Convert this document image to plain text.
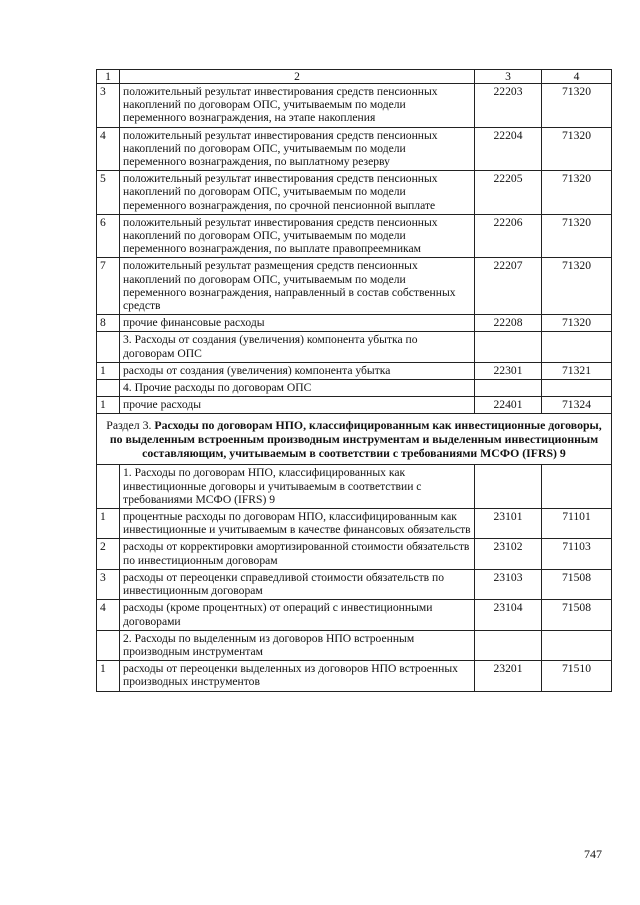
1	2	3	4
3	положительный результат инвестирования средств пенсионных накоплений по договорам ОПС, учитываемым по модели переменного вознаграждения, на этапе накопления	22203	71320
4	положительный результат инвестирования средств пенсионных накоплений по договорам ОПС, учитываемым по модели переменного вознаграждения, по выплатному резерву	22204	71320
5	положительный результат инвестирования средств пенсионных накоплений по договорам ОПС, учитываемым по модели переменного вознаграждения, по срочной пенсионной выплате	22205	71320
6	положительный результат инвестирования средств пенсионных накоплений по договорам ОПС, учитываемым по модели переменного вознаграждения, по выплате правопреемникам	22206	71320
7	положительный результат размещения средств пенсионных накоплений по договорам ОПС, учитываемым по модели переменного вознаграждения, направленный в состав собственных средств	22207	71320
8	прочие финансовые расходы	22208	71320
	3. Расходы от создания (увеличения) компонента убытка по договорам ОПС		
1	расходы от создания (увеличения) компонента убытка	22301	71321
	4. Прочие расходы по договорам ОПС		
1	прочие расходы	22401	71324
Раздел 3. Расходы по договорам НПО, классифицированным как инвестиционные договоры, по выделенным встроенным производным инструментам и выделенным инвестиционным составляющим, учитываемым в соответствии с требованиями МСФО (IFRS) 9			
	1. Расходы по договорам НПО, классифицированных как инвестиционные договоры и учитываемым в соответствии с требованиями МСФО (IFRS) 9		
1	процентные расходы по договорам НПО, классифицированным как инвестиционные и учитываемым в качестве финансовых обязательств	23101	71101
2	расходы от корректировки амортизированной стоимости обязательств по инвестиционным договорам	23102	71103
3	расходы от переоценки справедливой стоимости обязательств по инвестиционным договорам	23103	71508
4	расходы (кроме процентных) от операций с инвестиционными договорами	23104	71508
	2. Расходы по выделенным из договоров НПО встроенным производным инструментам		
1	расходы от переоценки выделенных из договоров НПО встроенных производных инструментов	23201	71510
747
